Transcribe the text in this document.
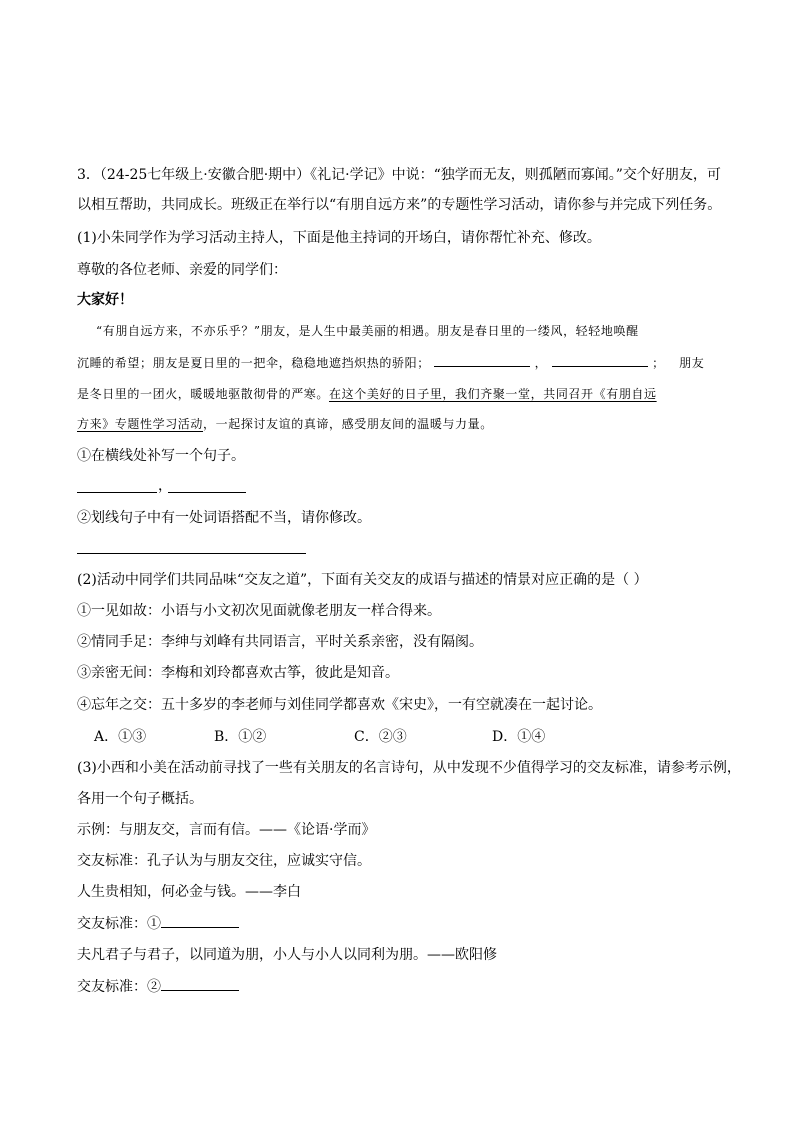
3．（24-25七年级上·安徽合肥·期中）《礼记·学记》中说：“独学而无友，则孤陋而寡闻。”交个好朋友，可
以相互帮助，共同成长。班级正在举行以“有朋自远方来”的专题性学习活动，请你参与并完成下列任务。
(1)小朱同学作为学习活动主持人，下面是他主持词的开场白，请你帮忙补充、修改。
尊敬的各位老师、亲爱的同学们：
大家好！
“有朋自远方来，不亦乐乎？”朋友，是人生中最美丽的相遇。朋友是春日里的一缕风，轻轻地唤醒
沉睡的希望；朋友是夏日里的一把伞，稳稳地遮挡炽热的骄阳；	，	； 朋友
是冬日里的一团火，暖暖地驱散彻骨的严寒。在这个美好的日子里，我们齐聚一堂，共同召开《有朋自远
方来》专题性学习活动，一起探讨友谊的真谛，感受朋友间的温暖与力量。
①在横线处补写一个句子。
，
②划线句子中有一处词语搭配不当，请你修改。
(2)活动中同学们共同品味“交友之道”，下面有关交友的成语与描述的情景对应正确的是（ ）
①一见如故：小语与小文初次见面就像老朋友一样合得来。
②情同手足：李绅与刘峰有共同语言，平时关系亲密，没有隔阂。
③亲密无间：李梅和刘玲都喜欢古筝，彼此是知音。
④忘年之交：五十多岁的李老师与刘佳同学都喜欢《宋史》，一有空就凑在一起讨论。
A．①③	B．①②	C．②③	D．①④
(3)小西和小美在活动前寻找了一些有关朋友的名言诗句，从中发现不少值得学习的交友标准，请参考示例，
各用一个句子概括。
示例：与朋友交，言而有信。——《论语·学而》
交友标准：孔子认为与朋友交往，应诚实守信。
人生贵相知，何必金与钱。——李白
交友标准：①
夫凡君子与君子，以同道为朋，小人与小人以同利为朋。——欧阳修
交友标准：②
